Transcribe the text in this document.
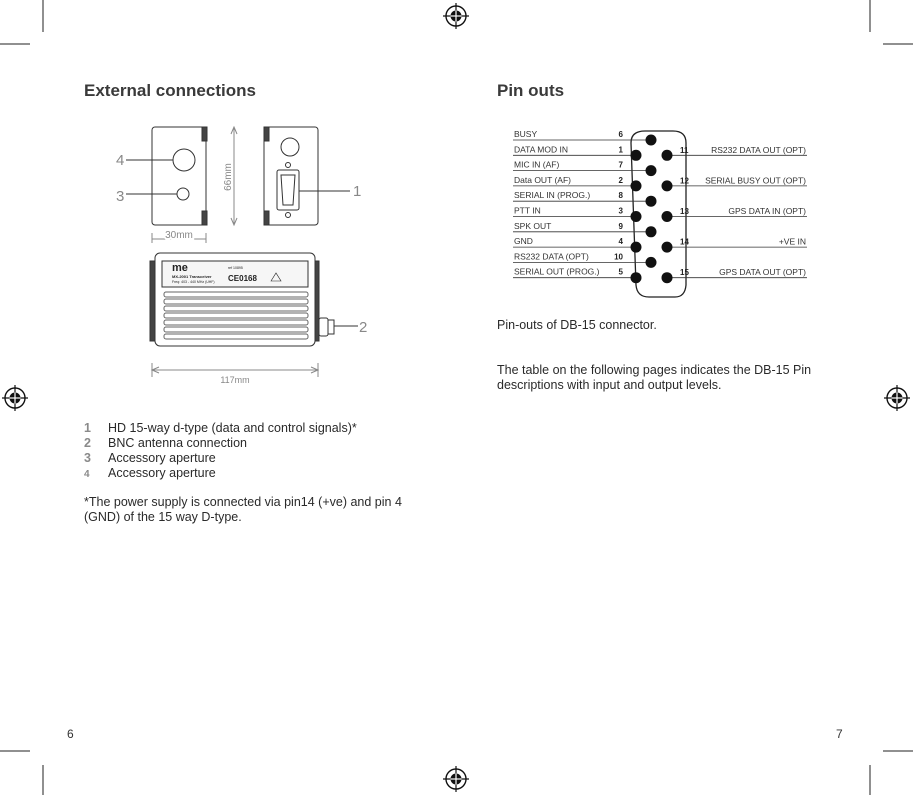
External connections
66mm
30mm
117mm
4
3	1
2
me
MX-2001 Transceiver
Freq: 403 - 440 MHz (UHF)
ref 10895
CE0168
1 HD 15-way d-type (data and control signals)*
2 BNC antenna connection
3 Accessory aperture
4 Accessory aperture
*The power supply is connected via pin14 (+ve) and pin 4 (GND) of the 15 way D-type.
6
Pin outs
BUSY	6
DATA MOD IN	1
MIC IN (AF)	7
Data OUT (AF)	2
SERIAL IN (PROG.)	8
PTT IN	3
SPK OUT	9
GND	4
RS232 DATA (OPT)	10
SERIAL OUT (PROG.) 5
11	RS232 DATA OUT (OPT)
12 SERIAL BUSY OUT (OPT)
13	GPS DATA IN (OPT)
14	+VE IN
15	GPS DATA OUT (OPT)
Pin-outs of DB-15 connector.
The table on the following pages indicates the DB-15 Pin descriptions with input and output levels.
7
